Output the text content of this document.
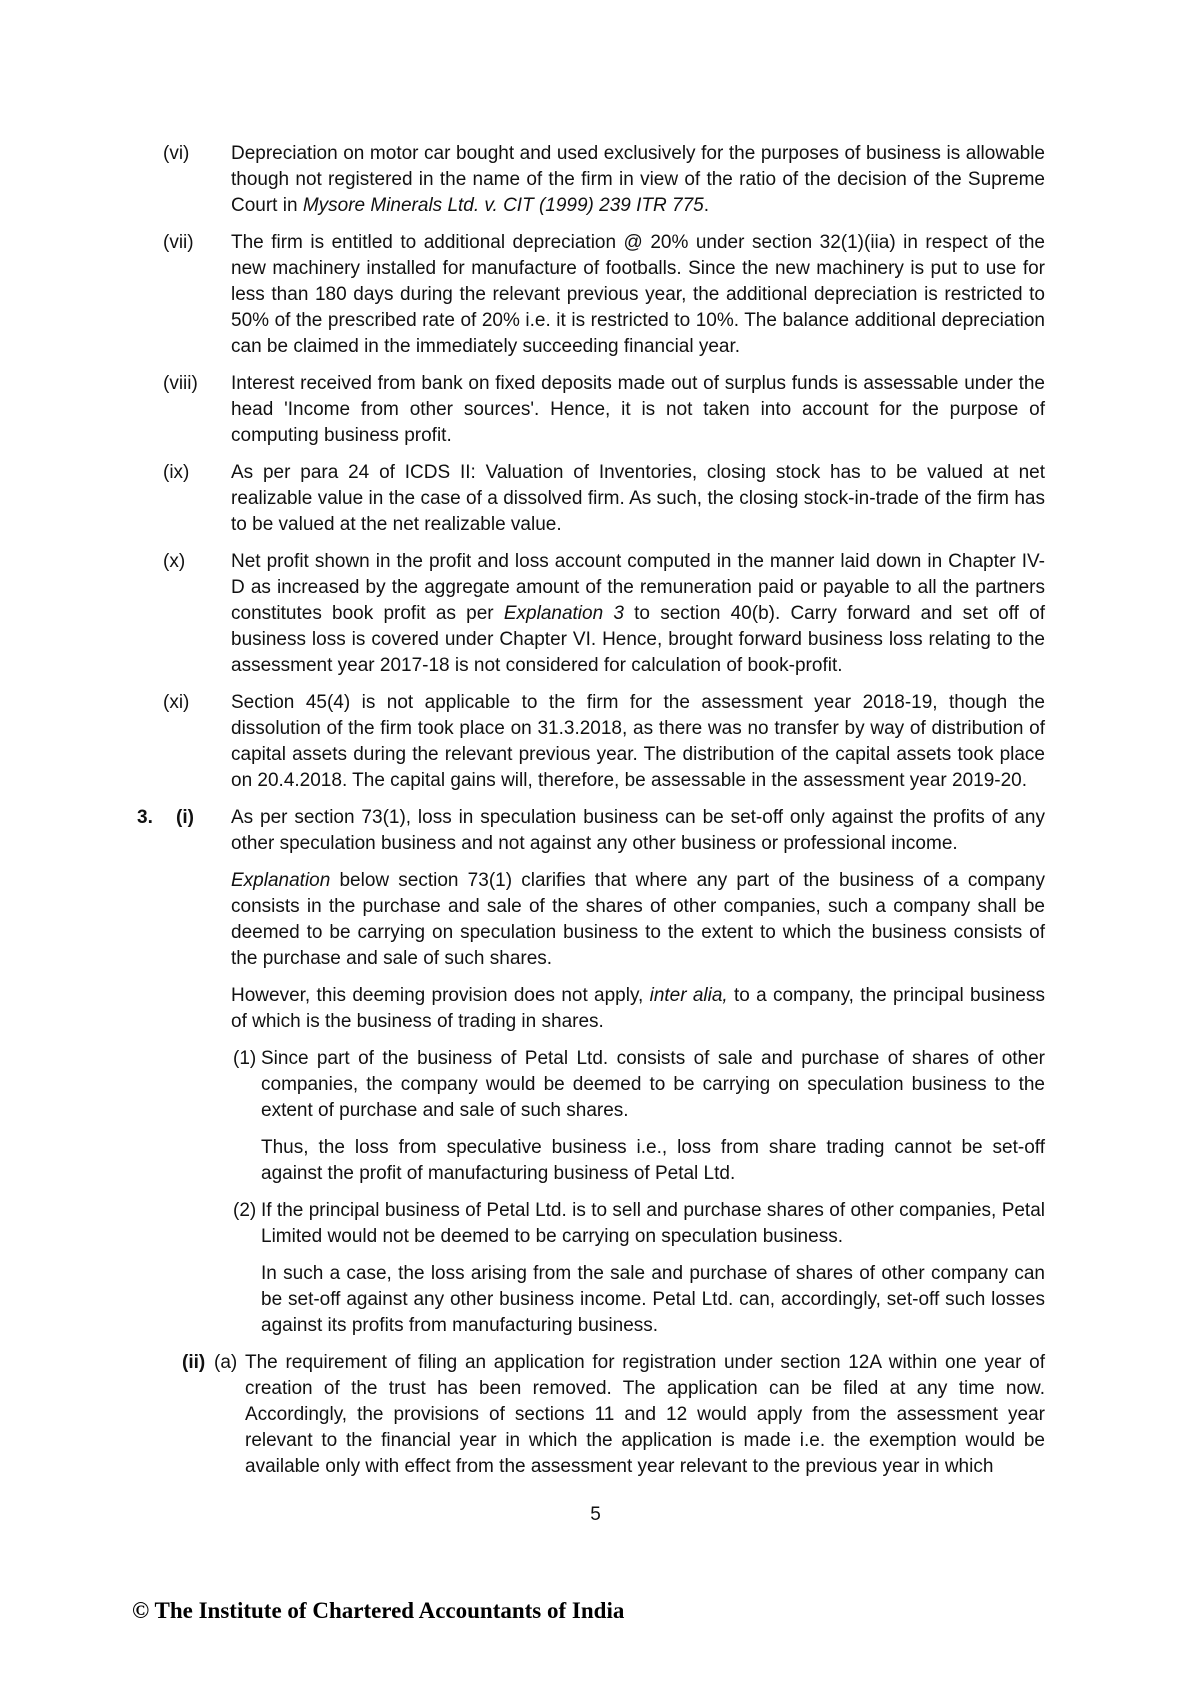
(vi)	Depreciation on motor car bought and used exclusively for the purposes of business is allowable though not registered in the name of the firm in view of the ratio of the decision of the Supreme Court in Mysore Minerals Ltd. v. CIT (1999) 239 ITR 775.

(vii)	The firm is entitled to additional depreciation @ 20% under section 32(1)(iia) in respect of the new machinery installed for manufacture of footballs. Since the new machinery is put to use for less than 180 days during the relevant previous year, the additional depreciation is restricted to 50% of the prescribed rate of 20% i.e. it is restricted to 10%. The balance additional depreciation can be claimed in the immediately succeeding financial year.

(viii)	Interest received from bank on fixed deposits made out of surplus funds is assessable under the head 'Income from other sources'. Hence, it is not taken into account for the purpose of computing business profit.

(ix)	As per para 24 of ICDS II: Valuation of Inventories, closing stock has to be valued at net realizable value in the case of a dissolved firm. As such, the closing stock-in-trade of the firm has to be valued at the net realizable value.

(x)	Net profit shown in the profit and loss account computed in the manner laid down in Chapter IV-D as increased by the aggregate amount of the remuneration paid or payable to all the partners constitutes book profit as per Explanation 3 to section 40(b). Carry forward and set off of business loss is covered under Chapter VI. Hence, brought forward business loss relating to the assessment year 2017-18 is not considered for calculation of book-profit.

(xi)	Section 45(4) is not applicable to the firm for the assessment year 2018-19, though the dissolution of the firm took place on 31.3.2018, as there was no transfer by way of distribution of capital assets during the relevant previous year. The distribution of the capital assets took place on 20.4.2018. The capital gains will, therefore, be assessable in the assessment year 2019-20.

3.	(i)	As per section 73(1), loss in speculation business can be set-off only against the profits of any other speculation business and not against any other business or professional income.

Explanation below section 73(1) clarifies that where any part of the business of a company consists in the purchase and sale of the shares of other companies, such a company shall be deemed to be carrying on speculation business to the extent to which the business consists of the purchase and sale of such shares.

However, this deeming provision does not apply, inter alia, to a company, the principal business of which is the business of trading in shares.

(1) Since part of the business of Petal Ltd. consists of sale and purchase of shares of other companies, the company would be deemed to be carrying on speculation business to the extent of purchase and sale of such shares.

Thus, the loss from speculative business i.e., loss from share trading cannot be set-off against the profit of manufacturing business of Petal Ltd.

(2) If the principal business of Petal Ltd. is to sell and purchase shares of other companies, Petal Limited would not be deemed to be carrying on speculation business.

In such a case, the loss arising from the sale and purchase of shares of other company can be set-off against any other business income. Petal Ltd. can, accordingly, set-off such losses against its profits from manufacturing business.

(ii) (a) The requirement of filing an application for registration under section 12A within one year of creation of the trust has been removed. The application can be filed at any time now. Accordingly, the provisions of sections 11 and 12 would apply from the assessment year relevant to the financial year in which the application is made i.e. the exemption would be available only with effect from the assessment year relevant to the previous year in which

5
© The Institute of Chartered Accountants of India
